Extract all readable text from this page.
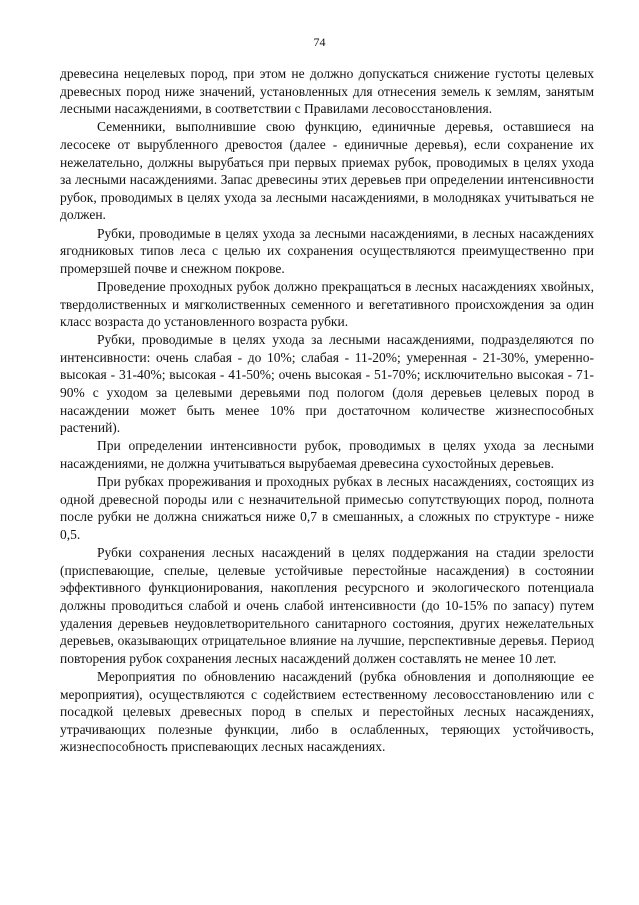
74

древесина нецелевых пород, при этом не должно допускаться снижение густоты целевых древесных пород ниже значений, установленных для отнесения земель к землям, занятым лесными насаждениями, в соответствии с Правилами лесовосстановления.

Семенники, выполнившие свою функцию, единичные деревья, оставшиеся на лесосеке от вырубленного древостоя (далее - единичные деревья), если сохранение их нежелательно, должны вырубаться при первых приемах рубок, проводимых в целях ухода за лесными насаждениями. Запас древесины этих деревьев при определении интенсивности рубок, проводимых в целях ухода за лесными насаждениями, в молодняках учитываться не должен.

Рубки, проводимые в целях ухода за лесными насаждениями, в лесных насаждениях ягодниковых типов леса с целью их сохранения осуществляются преимущественно при промерзшей почве и снежном покрове.

Проведение проходных рубок должно прекращаться в лесных насаждениях хвойных, твердолиственных и мягколиственных семенного и вегетативного происхождения за один класс возраста до установленного возраста рубки.

Рубки, проводимые в целях ухода за лесными насаждениями, подразделяются по интенсивности: очень слабая - до 10%; слабая - 11-20%; умеренная - 21-30%, умеренно-высокая - 31-40%; высокая - 41-50%; очень высокая - 51-70%; исключительно высокая - 71-90% с уходом за целевыми деревьями под пологом (доля деревьев целевых пород в насаждении может быть менее 10% при достаточном количестве жизнеспособных растений).

При определении интенсивности рубок, проводимых в целях ухода за лесными насаждениями, не должна учитываться вырубаемая древесина сухостойных деревьев.

При рубках прореживания и проходных рубках в лесных насаждениях, состоящих из одной древесной породы или с незначительной примесью сопутствующих пород, полнота после рубки не должна снижаться ниже 0,7 в смешанных, а сложных по структуре - ниже 0,5.

Рубки сохранения лесных насаждений в целях поддержания на стадии зрелости (приспевающие, спелые, целевые устойчивые перестойные насаждения) в состоянии эффективного функционирования, накопления ресурсного и экологического потенциала должны проводиться слабой и очень слабой интенсивности (до 10-15% по запасу) путем удаления деревьев неудовлетворительного санитарного состояния, других нежелательных деревьев, оказывающих отрицательное влияние на лучшие, перспективные деревья. Период повторения рубок сохранения лесных насаждений должен составлять не менее 10 лет.

Мероприятия по обновлению насаждений (рубка обновления и дополняющие ее мероприятия), осуществляются с содействием естественному лесовосстановлению или с посадкой целевых древесных пород в спелых и перестойных лесных насаждениях, утрачивающих полезные функции, либо в ослабленных, теряющих устойчивость, жизнеспособность приспевающих лесных насаждениях.
